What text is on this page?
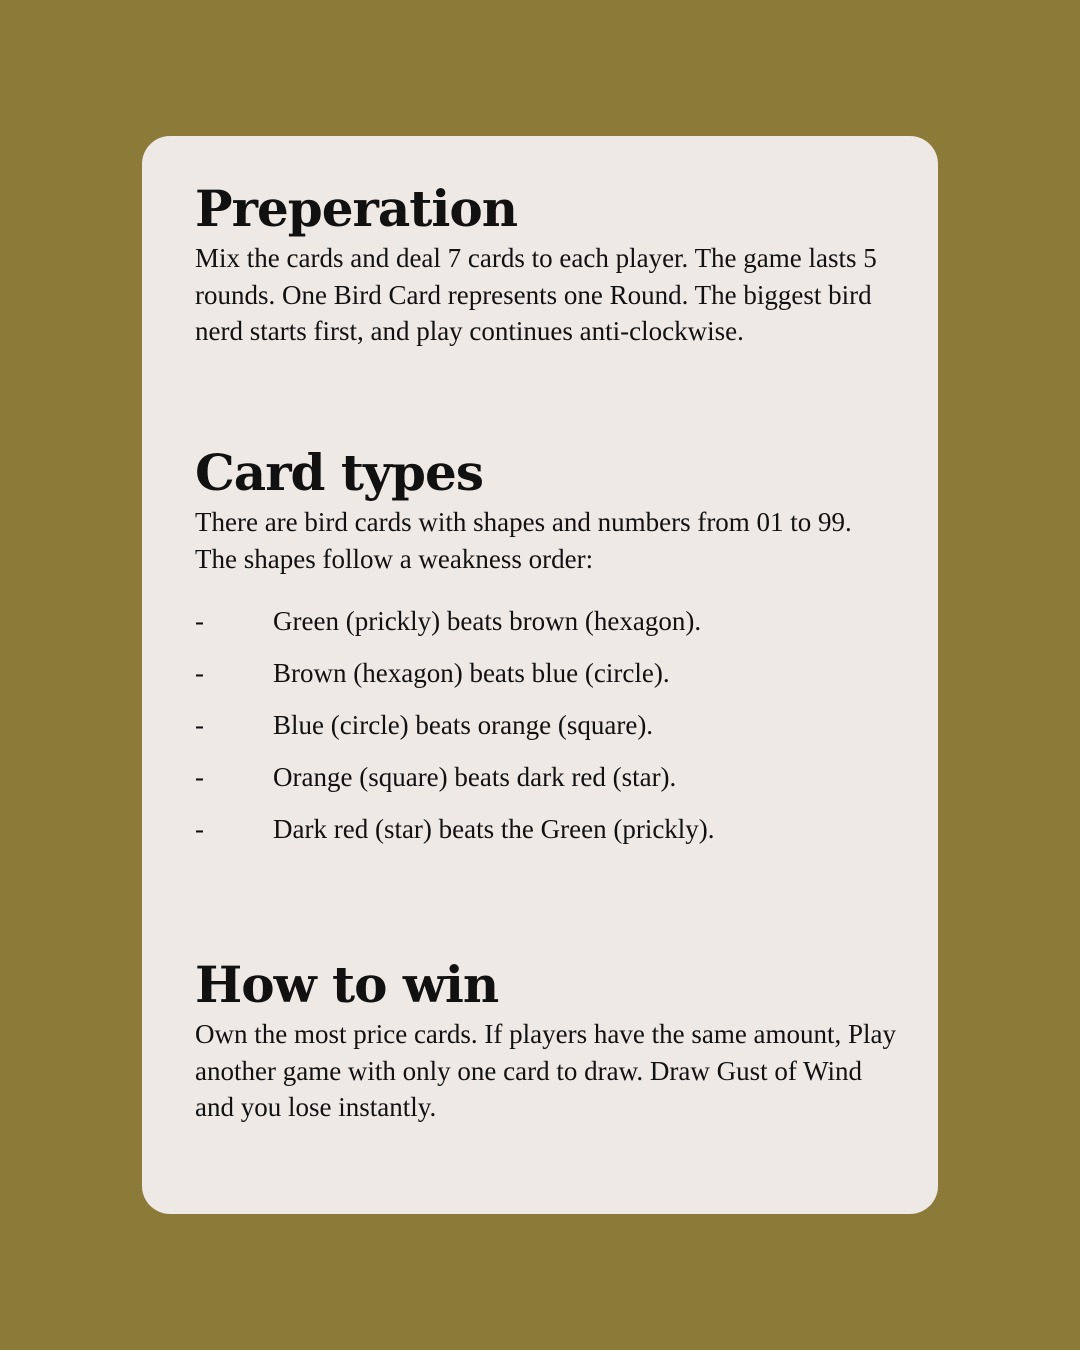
Preperation

Mix the cards and deal 7 cards to each player. The game lasts 5 rounds. One Bird Card represents one Round. The biggest bird nerd starts first, and play continues anti-clockwise.

Card types

There are bird cards with shapes and numbers from 01 to 99. The shapes follow a weakness order:

-	Green (prickly) beats brown (hexagon).
-	Brown (hexagon) beats blue (circle).
-	Blue (circle) beats orange (square).
-	Orange (square) beats dark red (star).
-	Dark red (star) beats the Green (prickly).
How to win

Own the most price cards. If players have the same amount, Play another game with only one card to draw. Draw Gust of Wind and you lose instantly.
